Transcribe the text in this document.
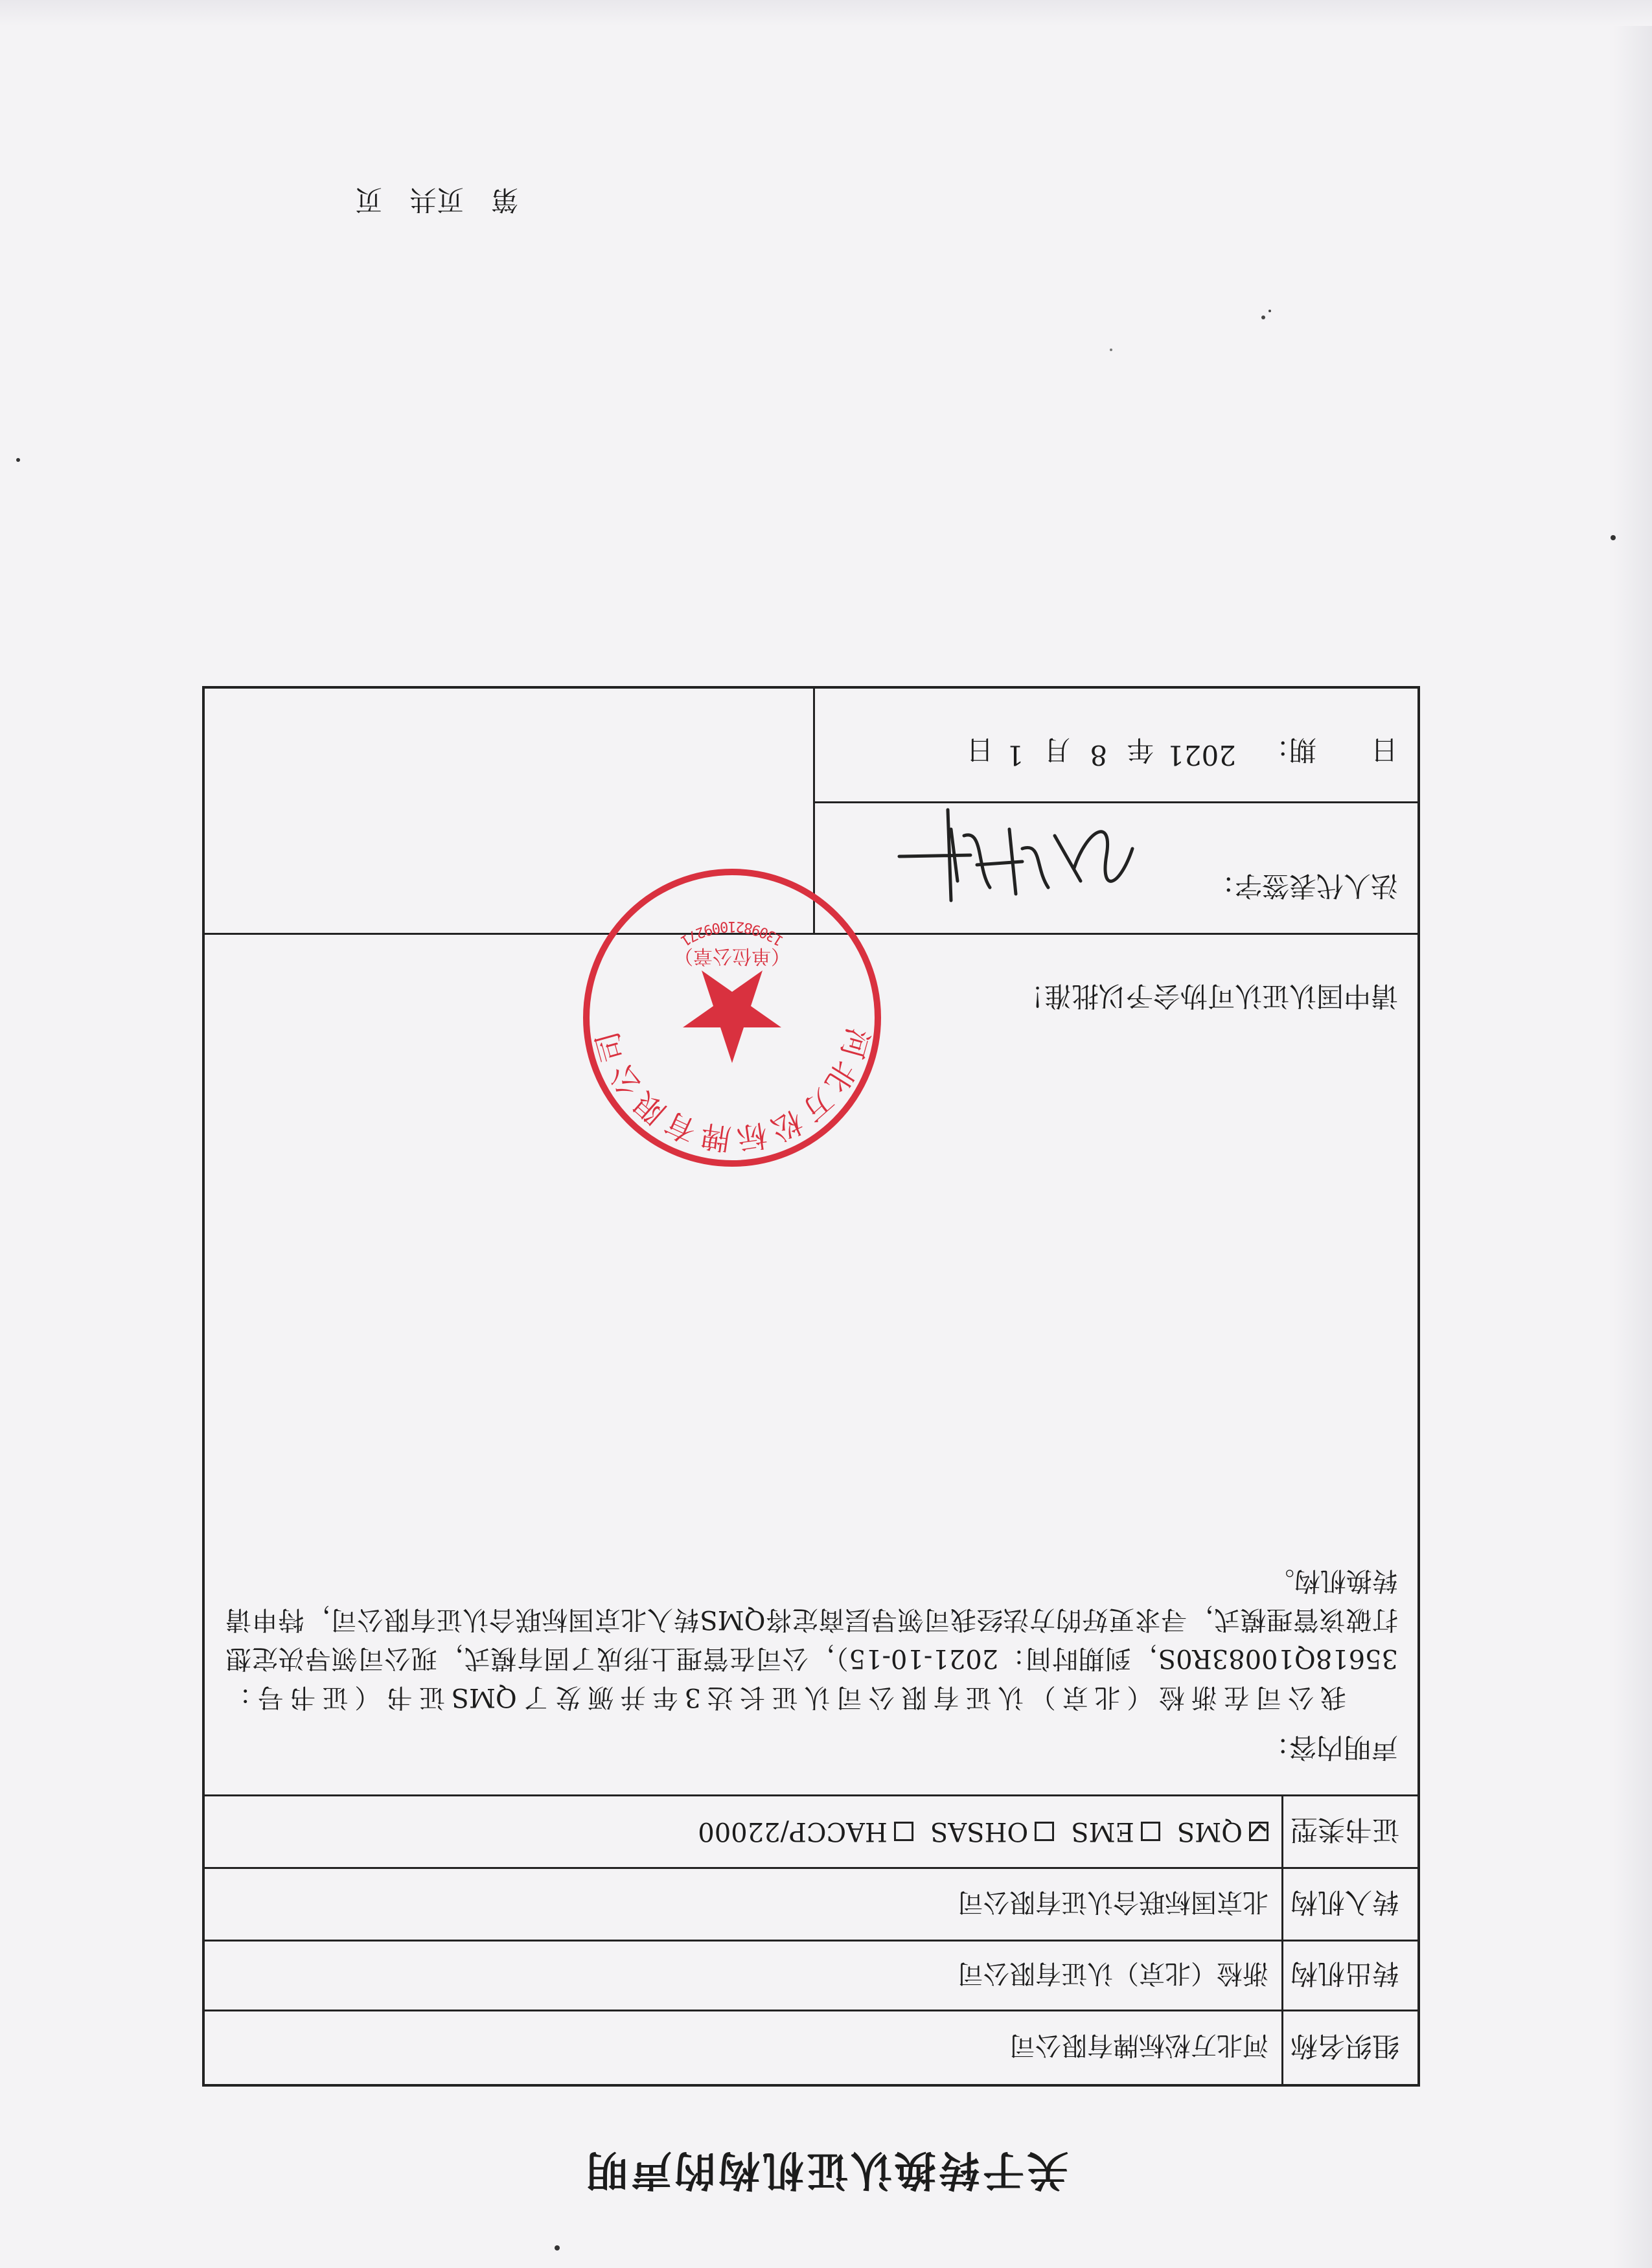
关于转换认证机构的声明
组织名称
河北万松标牌有限公司
转出机构
浙检（北京）认证有限公司
转入机构
北京国标联合认证有限公司
证书类型
QMS
EMS
OHSAS
HACCP/22000
声明内容：
我公司在浙检（北京）认证有限公司认证长达3年并颁发了QMS证书（证书号：35618Q10083R0S，到期时间：2021-10-15），公司在管理上形成了固有模式，现公司领导决定想打破该管理模式，寻求更好的方法经我司领导层商定将QMS转入北京国标联合认证有限公司，特申请转换机构。
请中国认证认可协会予以批准！
法人代表签字：
日　　期：
2021
年
8
月
1
日
河北万松标牌有限公司
（单位公章）
1309821009271
第　页共　页
